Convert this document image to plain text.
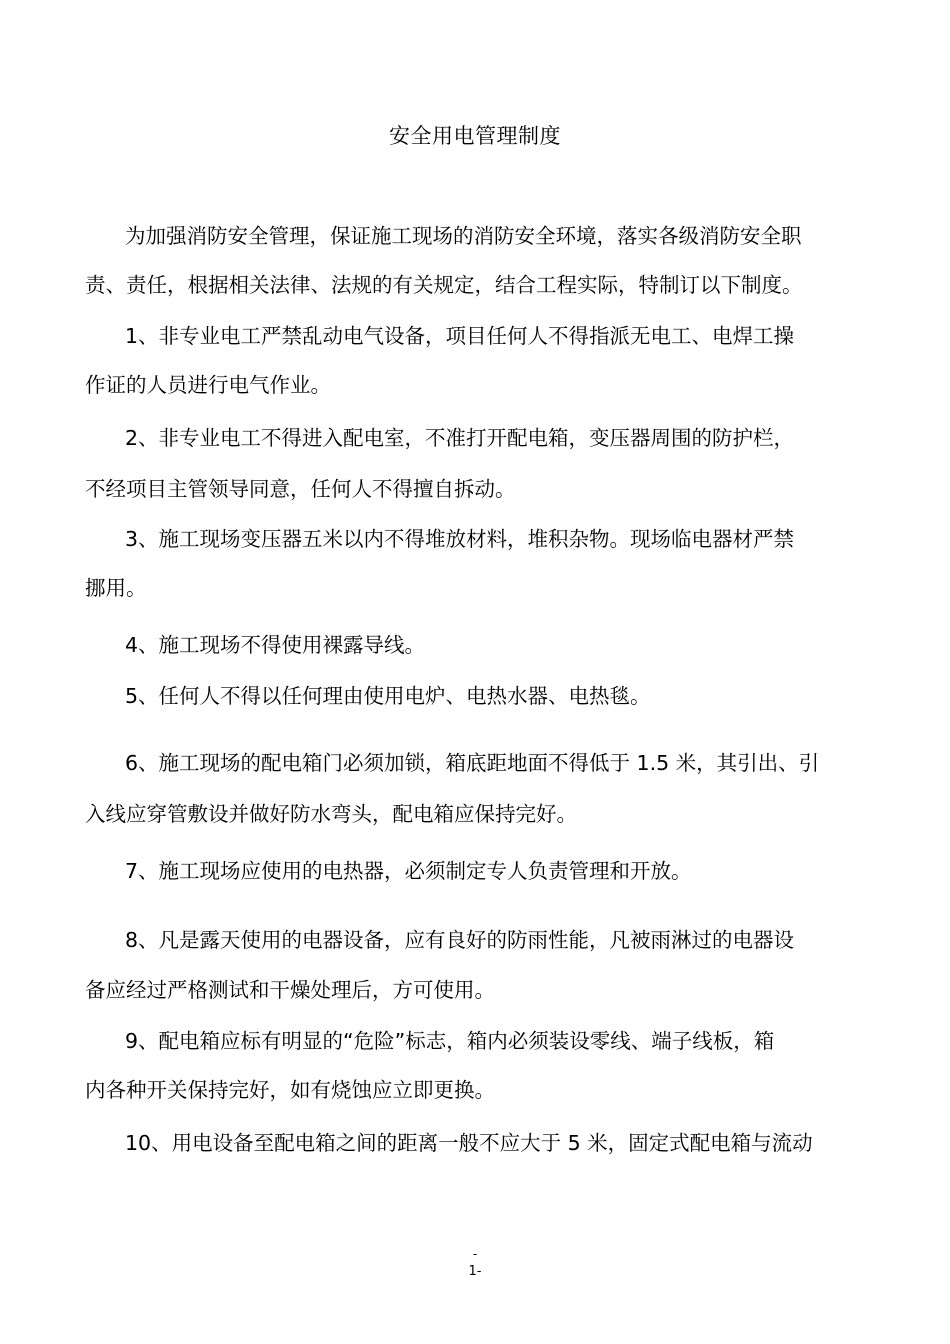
安全用电管理制度
为加强消防安全管理，保证施工现场的消防安全环境，落实各级消防安全职
责、责任，根据相关法律、法规的有关规定，结合工程实际，特制订以下制度。
1、非专业电工严禁乱动电气设备，项目任何人不得指派无电工、电焊工操
作证的人员进行电气作业。
2、非专业电工不得进入配电室，不准打开配电箱，变压器周围的防护栏，
不经项目主管领导同意，任何人不得擅自拆动。
3、施工现场变压器五米以内不得堆放材料，堆积杂物。现场临电器材严禁
挪用。
4、施工现场不得使用裸露导线。
5、任何人不得以任何理由使用电炉、电热水器、电热毯。
6、施工现场的配电箱门必须加锁，箱底距地面不得低于 1.5 米，其引出、引
入线应穿管敷设并做好防水弯头，配电箱应保持完好。
7、施工现场应使用的电热器，必须制定专人负责管理和开放。
8、凡是露天使用的电器设备，应有良好的防雨性能，凡被雨淋过的电器设
备应经过严格测试和干燥处理后，方可使用。
9、配电箱应标有明显的“危险”标志，箱内必须装设零线、端子线板，箱
内各种开关保持完好，如有烧蚀应立即更换。
10、用电设备至配电箱之间的距离一般不应大于 5 米，固定式配电箱与流动
-
1-
